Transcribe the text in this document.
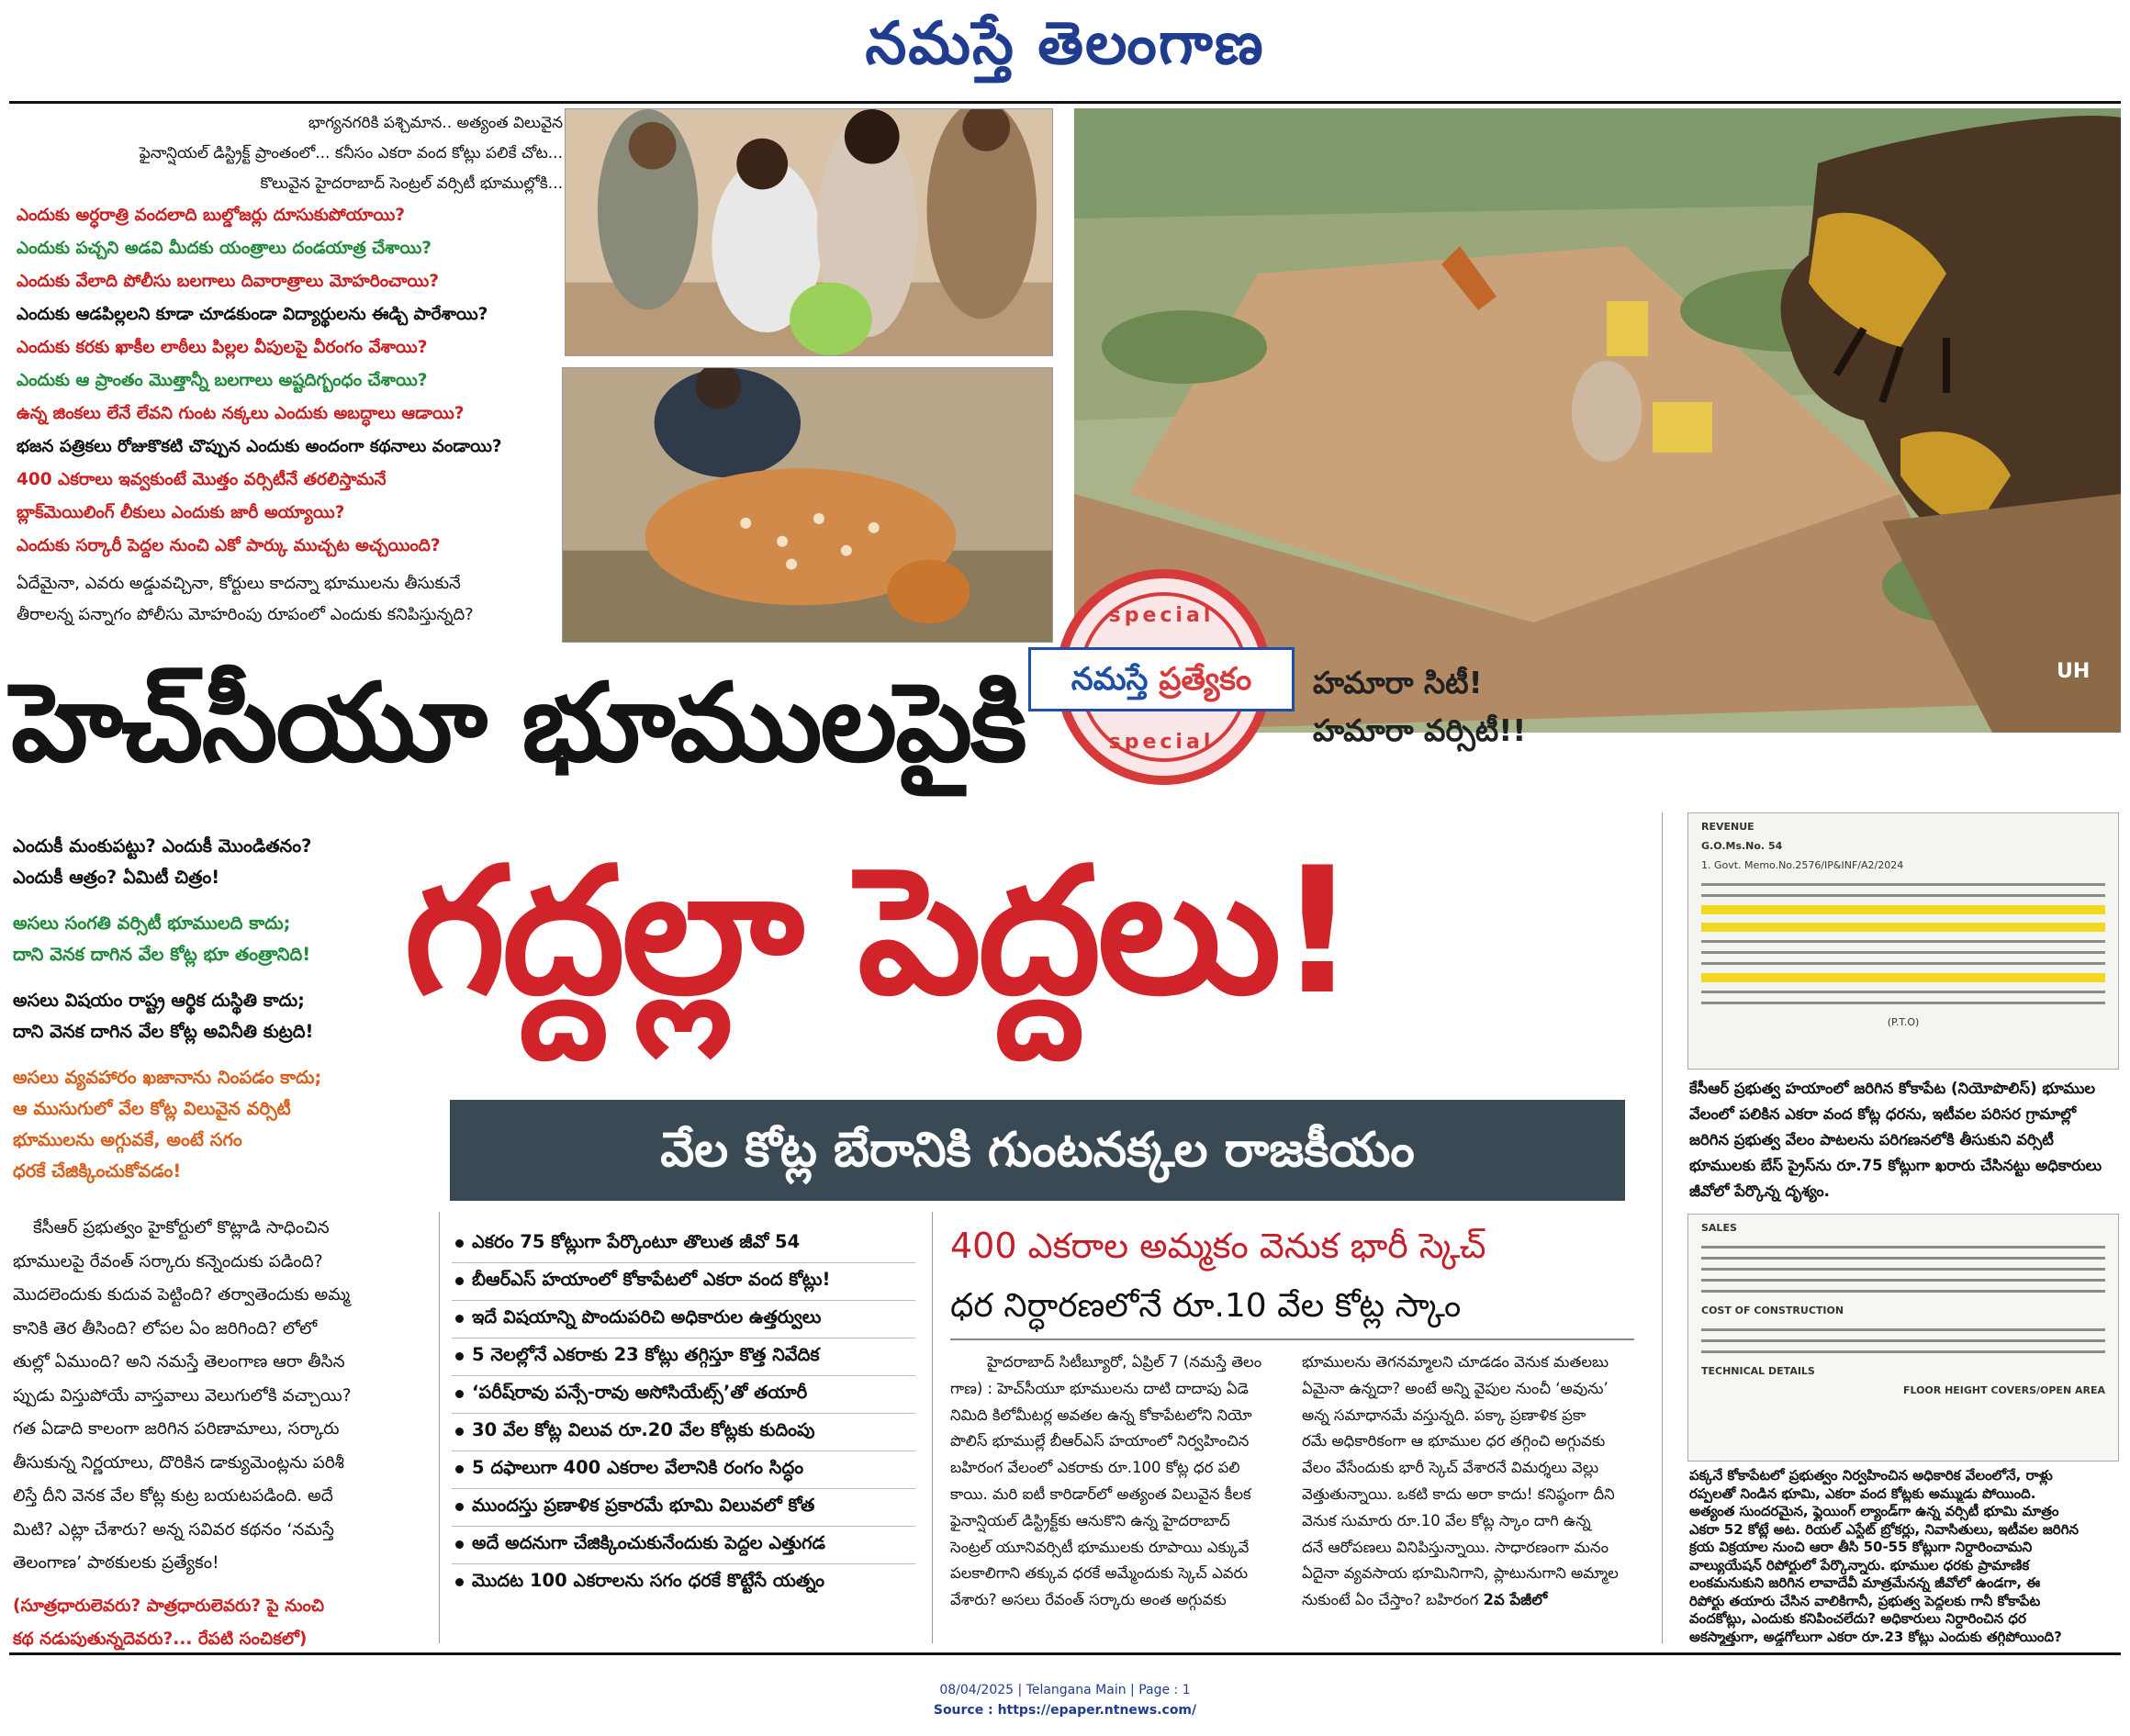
నమస్తే తెలంగాణ
భాగ్యనగరికి పశ్చిమాన.. అత్యంత విలువైన
ఫైనాన్షియల్ డిస్ట్రిక్ట్ ప్రాంతంలో... కనీసం ఎకరా వంద కోట్లు పలికే చోట...
కొలువైన హైదరాబాద్ సెంట్రల్ వర్సిటీ భూముల్లోకి...
ఎందుకు అర్ధరాత్రి వందలాది బుల్డోజర్లు దూసుకుపోయాయి?
ఎందుకు పచ్చని అడవి మీదకు యంత్రాలు దండయాత్ర చేశాయి?
ఎందుకు వేలాది పోలీసు బలగాలు దివారాత్రాలు మోహరించాయి?
ఎందుకు ఆడపిల్లలని కూడా చూడకుండా విద్యార్థులను ఈడ్చి పారేశాయి?
ఎందుకు కరకు ఖాకీల లాఠీలు పిల్లల వీపులపై వీరంగం వేశాయి?
ఎందుకు ఆ ప్రాంతం మొత్తాన్నీ బలగాలు అష్టదిగ్బంధం చేశాయి?
ఉన్న జింకలు లేనే లేవని గుంట నక్కలు ఎందుకు అబద్ధాలు ఆడాయి?
భజన పత్రికలు రోజుకొకటి చొప్పున ఎందుకు అందంగా కథనాలు వండాయి?
400 ఎకరాలు ఇవ్వకుంటే మొత్తం వర్సిటీనే తరలిస్తామనే
బ్లాక్‌మెయిలింగ్ లీకులు ఎందుకు జారీ అయ్యాయి?
ఎందుకు సర్కారీ పెద్దల నుంచి ఎకో పార్కు ముచ్చట అచ్చయింది?
ఏదేమైనా, ఎవరు అడ్డువచ్చినా, కోర్టులు కాదన్నా భూములను తీసుకునే
తీరాలన్న పన్నాగం పోలీసు మోహరింపు రూపంలో ఎందుకు కనిపిస్తున్నది?
UH
REVENUE
G.O.Ms.No. 54
1. Govt. Memo.No.2576/IP&INF/A2/2024
(P.T.O)
special
special
నమస్తే ప్రత్యేకం	హమారా సిటీ!
హమారా వర్సిటీ!!
హెచ్‌సీయూ భూములపైకి
గద్దల్లా పెద్దలు!
వేల కోట్ల బేరానికి గుంటనక్కల రాజకీయం
ఎందుకీ మంకుపట్టు? ఎందుకీ మొండితనం?
ఎందుకీ ఆత్రం? ఏమిటీ చిత్రం!
అసలు సంగతి వర్సిటీ భూములది కాదు;
దాని వెనక దాగిన వేల కోట్ల భూ తంత్రానిది!
అసలు విషయం రాష్ట్ర ఆర్థిక దుస్థితి కాదు;
దాని వెనక దాగిన వేల కోట్ల అవినీతి కుట్రది!
అసలు వ్యవహారం ఖజానాను నింపడం కాదు;
ఆ ముసుగులో వేల కోట్ల విలువైన వర్సిటీ
భూములను అగ్గువకే, అంటే సగం
ధరకే చేజిక్కించుకోవడం!
కేసీఆర్ ప్రభుత్వం హైకోర్టులో కొట్లాడి సాధించిన
భూములపై రేవంత్ సర్కారు కన్నెందుకు పడింది?
మొదలెందుకు కుదువ పెట్టింది? తర్వాతెందుకు అమ్మ
కానికి తెర తీసింది? లోపల ఏం జరిగింది? లోలో
తుల్లో ఏముంది? అని నమస్తే తెలంగాణ ఆరా తీసిన
ప్పుడు విస్తుపోయే వాస్తవాలు వెలుగులోకి వచ్చాయి?
గత ఏడాది కాలంగా జరిగిన పరిణామాలు, సర్కారు
తీసుకున్న నిర్ణయాలు, దొరికిన డాక్యుమెంట్లను పరిశీ
లిస్తే దీని వెనక వేల కోట్ల కుట్ర బయటపడింది. అదే
మిటి? ఎట్లా చేశారు? అన్న సవివర కథనం ‘నమస్తే
తెలంగాణ’ పాఠకులకు ప్రత్యేకం!
(సూత్రధారులెవరు? పాత్రధారులెవరు? పై నుంచి
కథ నడుపుతున్నదెవరు?... రేపటి సంచికలో)
ఎకరం 75 కోట్లుగా పేర్కొంటూ తొలుత జీవో 54
బీఆర్‌ఎస్ హయాంలో కోకాపేటలో ఎకరా వంద కోట్లు!
ఇదే విషయాన్ని పొందుపరిచి అధికారుల ఉత్తర్వులు
5 నెలల్లోనే ఎకరాకు 23 కోట్లు తగ్గిస్తూ కొత్త నివేదిక
‘పరీష్‌రావు పన్సే-రావు అసోసియేట్స్’తో తయారీ
30 వేల కోట్ల విలువ రూ.20 వేల కోట్లకు కుదింపు
5 దఫాలుగా 400 ఎకరాల వేలానికి రంగం సిద్ధం
ముందస్తు ప్రణాళిక ప్రకారమే భూమి విలువలో కోత
అదే అదనుగా చేజిక్కించుకునేందుకు పెద్దల ఎత్తుగడ
మొదట 100 ఎకరాలను సగం ధరకే కొట్టేసే యత్నం
400 ఎకరాల అమ్మకం వెనుక భారీ స్కెచ్
ధర నిర్ధారణలోనే రూ.10 వేల కోట్ల స్కాం
హైదరాబాద్ సిటీబ్యూరో, ఏప్రిల్ 7 (నమస్తే తెలం
గాణ) : హెచ్‌సీయూ భూములను దాటి దాదాపు ఏడె
నిమిది కిలోమీటర్ల అవతల ఉన్న కోకాపేటలోని నియో
పొలిస్ భూముల్లే బీఆర్‌ఎస్ హయాంలో నిర్వహించిన
బహిరంగ వేలంలో ఎకరాకు రూ.100 కోట్ల ధర పలి
కాయి. మరి ఐటీ కారిడార్‌లో అత్యంత విలువైన కీలక
ఫైనాన్షియల్ డిస్ట్రిక్ట్‌కు ఆనుకొని ఉన్న హైదరాబాద్
సెంట్రల్ యూనివర్సిటీ భూములకు రూపాయి ఎక్కువే
పలకాలిగాని తక్కువ ధరకే అమ్మేందుకు స్కెచ్ ఎవరు
వేశారు? అసలు రేవంత్ సర్కారు అంత అగ్గువకు
భూములను తెగనమ్మాలని చూడడం వెనుక మతలబు
ఏమైనా ఉన్నదా? అంటే అన్ని వైపుల నుంచీ ‘అవును’
అన్న సమాధానమే వస్తున్నది. పక్కా ప్రణాళిక ప్రకా
రమే అధికారికంగా ఆ భూముల ధర తగ్గించి అగ్గువకు
వేలం వేసేందుకు భారీ స్కెచ్ వేశారనే విమర్శలు వెల్లు
వెత్తుతున్నాయి. ఒకటి కాదు అరా కాదు! కనిష్ఠంగా దీని
వెనుక సుమారు రూ.10 వేల కోట్ల స్కాం దాగి ఉన్న
దనే ఆరోపణలు వినిపిస్తున్నాయి. సాధారణంగా మనం
ఏదైనా వ్యవసాయ భూమినిగాని, ప్లాటునుగాని అమ్మాల
నుకుంటే ఏం చేస్తాం? బహిరంగ 2వ పేజీలో
కేసీఆర్ ప్రభుత్వ హయాంలో జరిగిన కోకాపేట (నియోపొలిస్) భూముల
వేలంలో పలికిన ఎకరా వంద కోట్ల ధరను, ఇటీవల పరిసర గ్రామాల్లో
జరిగిన ప్రభుత్వ వేలం పాటలను పరిగణనలోకి తీసుకుని వర్సిటీ
భూములకు బేస్ ప్రైస్‌ను రూ.75 కోట్లుగా ఖరారు చేసినట్టు అధికారులు
జీవోలో పేర్కొన్న దృశ్యం.
SALES
COST OF CONSTRUCTION
TECHNICAL DETAILS
FLOOR HEIGHT COVERS/OPEN AREA
పక్కనే కోకాపేటలో ప్రభుత్వం నిర్వహించిన అధికారిక వేలంలోనే, రాళ్లు
రప్పలతో నిండిన భూమి, ఎకరా వంద కోట్లకు అమ్ముడు పోయింది.
అత్యంత సుందరమైన, ఫ్లైయింగ్ ల్యాండ్‌గా ఉన్న వర్సిటీ భూమి మాత్రం
ఎకరా 52 కోట్లే అట. రియల్ ఎస్టేట్ బ్రోకర్లు, నివాసితులు, ఇటీవల జరిగిన
క్రయ విక్రయాల నుంచి ఆరా తీసి 50-55 కోట్లుగా నిర్ధారించామని
వాల్యుయేషన్ రిపోర్టులో పేర్కొన్నారు. భూముల ధరకు ప్రామాణిక
లంకమనుకుని జరిగిన లావాదేవీ మాత్రమేనన్న జీవోలో ఉండగా, ఈ
రిపోర్టు తయారు చేసిన వాలికిగానీ, ప్రభుత్వ పెద్దలకు గానీ కోకాపేట
వందకోట్లు, ఎందుకు కనిపించలేదు? అధికారులు నిర్ధారించిన ధర
అకస్మాత్తుగా, అడ్డగోలుగా ఎకరా రూ.23 కోట్లు ఎందుకు తగ్గిపోయింది?
08/04/2025 | Telangana Main | Page : 1
Source : https://epaper.ntnews.com/
